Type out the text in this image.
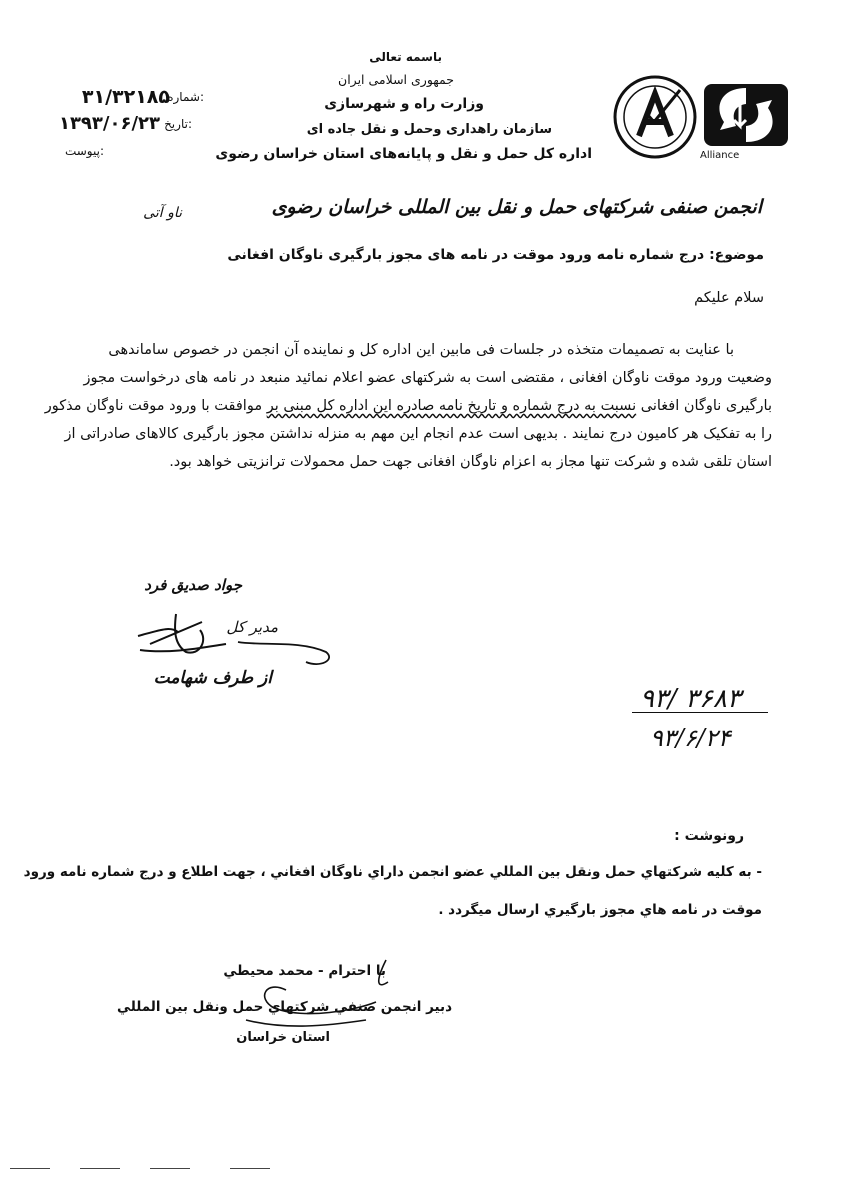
Alliance
باسمه تعالی
جمهوری اسلامی ایران
وزارت راه و شهرسازی
سازمان راهداری وحمل و نقل جاده ای
اداره کل حمل و نقل و پایانه‌های استان خراسان رضوی
شماره:
۳۱/۳۲۱۸۵
تاریخ:
۱۳۹۳/۰۶/۲۳
پیوست:
ناو آتی	انجمن صنفی شرکتهای حمل و نقل بین المللی خراسان رضوی
موضوع: درج شماره نامه ورود موقت در نامه های مجوز بارگیری ناوگان افغانی
سلام علیکم
با عنایت به تصمیمات متخذه در جلسات فی مابین این اداره کل و نماینده آن انجمن در خصوص ساماندهی
وضعیت ورود موقت ناوگان افغانی ، مقتضی است به شرکتهای عضو اعلام نمائید منبعد در نامه های درخواست مجوز
بارگیری ناوگان افغانی نسبت به درج شماره و تاریخ نامه صادره این اداره کل مبنی بر موافقت با ورود موقت ناوگان مذکور
را به تفکیک هر کامیون درج نمایند . بدیهی است عدم انجام این مهم به منزله نداشتن مجوز بارگیری کالاهای صادراتی از
استان تلقی شده و شرکت تنها مجاز به اعزام ناوگان افغانی جهت حمل محمولات ترانزیتی خواهد بود.
جواد صدیق فرد
مدیر کل
از طرف شهامت
۹۳/ ۳۶۸۳
۹۳/۶/۲۴
رونوشت :
- به كليه شركتهاي حمل ونقل بين المللي عضو انجمن داراي ناوگان افغاني ، جهت اطلاع و درج شماره نامه ورود
موقت در نامه هاي مجوز بارگيري ارسال ميگردد .
با احترام - محمد محيطي
دبير انجمن صنفي شركتهاي حمل ونقل بين المللي
استان خراسان
